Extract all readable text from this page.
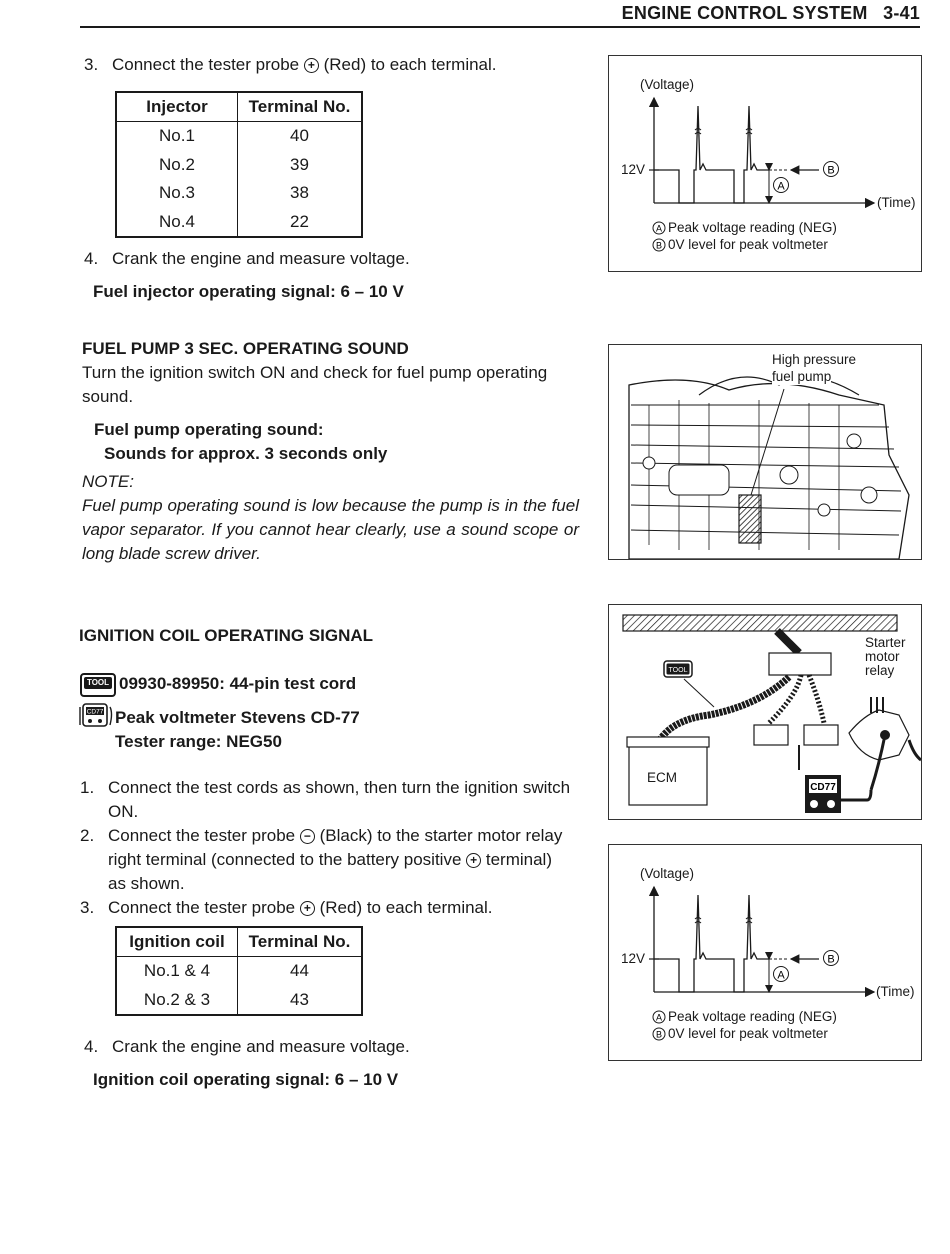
ENGINE CONTROL SYSTEM 3-41
3. Connect the tester probe + (Red) to each terminal.
Injector	Terminal No.
No.1	40
No.2	39
No.3	38
No.4	22
4. Crank the engine and measure voltage.
Fuel injector operating signal: 6 – 10 V
FUEL PUMP 3 SEC. OPERATING SOUND
Turn the ignition switch ON and check for fuel pump operating
sound.
Fuel pump operating sound:
Sounds for approx. 3 seconds only
NOTE:
Fuel pump operating sound is low because the pump is in the fuel vapor separator. If you cannot hear clearly, use a sound scope or long blade screw driver.
IGNITION COIL OPERATING SIGNAL
TOOL 09930-89950: 44-pin test cord
CD77 Peak voltmeter Stevens CD-77
Tester range: NEG50
1. Connect the test cords as shown, then turn the ignition switch
ON.
2. Connect the tester probe − (Black) to the starter motor relay
right terminal (connected to the battery positive + terminal)
as shown.
3. Connect the tester probe + (Red) to each terminal.
Ignition coil	Terminal No.
No.1 & 4	44
No.2 & 3	43
4. Crank the engine and measure voltage.
Ignition coil operating signal: 6 – 10 V
B
A
A
B
(Voltage)
(Time)
12V
Peak voltage reading (NEG)
0V level for peak voltmeter
High pressure
fuel pump
TOOL
CD77
Starter
motor
relay
ECM
B
A
A
B
(Voltage)
(Time)
12V
Peak voltage reading (NEG)
0V level for peak voltmeter
